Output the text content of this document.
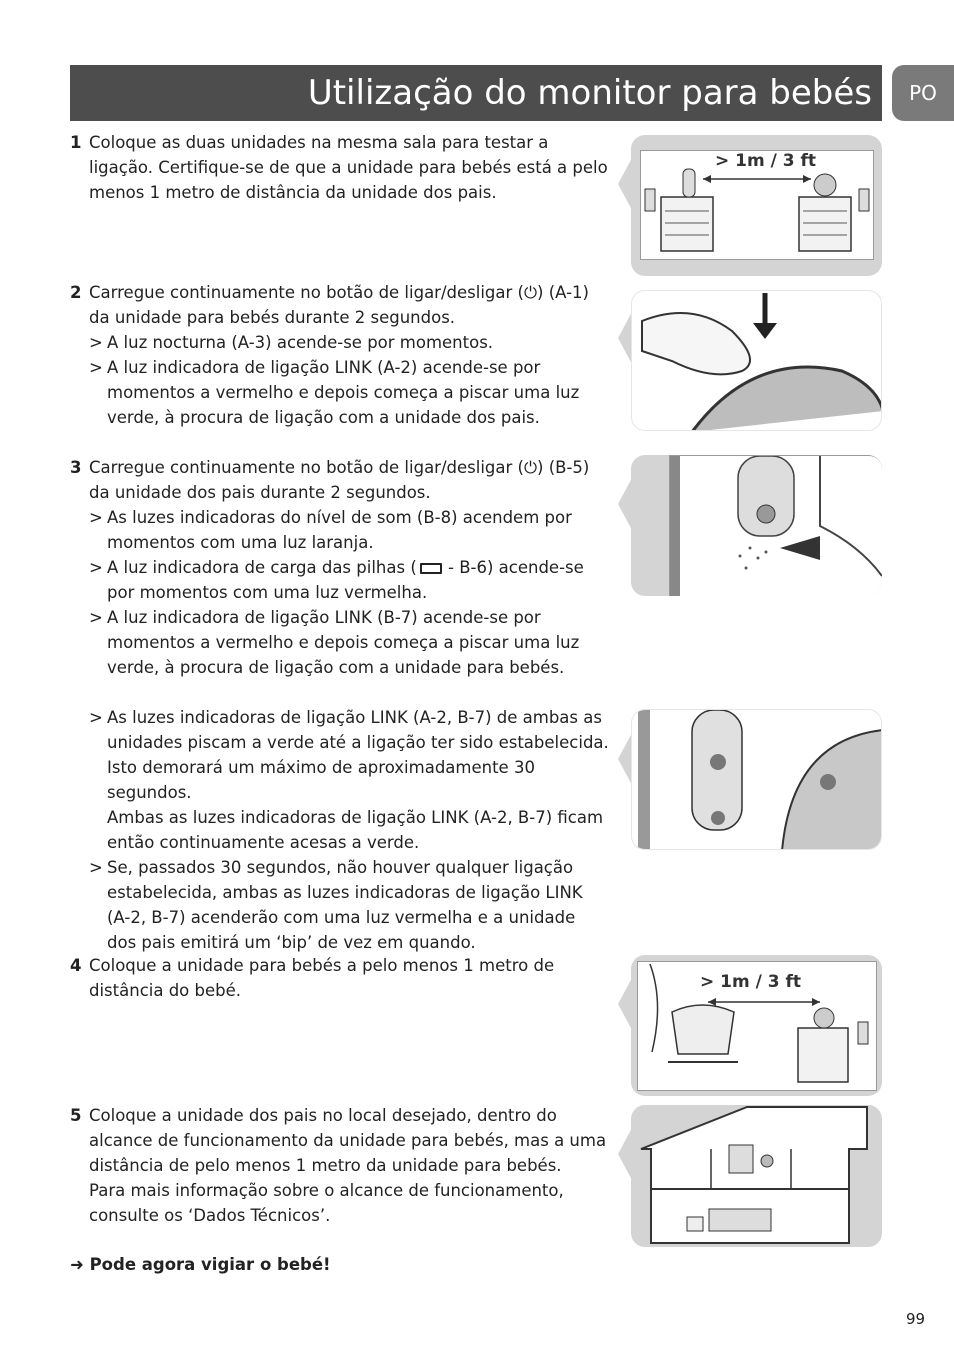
Utilização do monitor para bebés	PO
1 Coloque as duas unidades na mesma sala para testar a
ligação. Certifique-se de que a unidade para bebés está a pelo
menos 1 metro de distância da unidade dos pais.
2 Carregue continuamente no botão de ligar/desligar (⏻) (A-1)
da unidade para bebés durante 2 segundos.
> A luz nocturna (A-3) acende-se por momentos.
> A luz indicadora de ligação LINK (A-2) acende-se por
momentos a vermelho e depois começa a piscar uma luz
verde, à procura de ligação com a unidade dos pais.
3 Carregue continuamente no botão de ligar/desligar (⏻) (B-5)
da unidade dos pais durante 2 segundos.
> As luzes indicadoras do nível de som (B-8) acendem por
momentos com uma luz laranja.
> A luz indicadora de carga das pilhas ( - B-6) acende-se
por momentos com uma luz vermelha.
> A luz indicadora de ligação LINK (B-7) acende-se por
momentos a vermelho e depois começa a piscar uma luz
verde, à procura de ligação com a unidade para bebés.
> As luzes indicadoras de ligação LINK (A-2, B-7) de ambas as
unidades piscam a verde até a ligação ter sido estabelecida.
Isto demorará um máximo de aproximadamente 30 segundos.
Ambas as luzes indicadoras de ligação LINK (A-2, B-7) ficam
então continuamente acesas a verde.
> Se, passados 30 segundos, não houver qualquer ligação
estabelecida, ambas as luzes indicadoras de ligação LINK
(A-2, B-7) acenderão com uma luz vermelha e a unidade
dos pais emitirá um ‘bip’ de vez em quando.
4 Coloque a unidade para bebés a pelo menos 1 metro de
distância do bebé.
5 Coloque a unidade dos pais no local desejado, dentro do
alcance de funcionamento da unidade para bebés, mas a uma
distância de pelo menos 1 metro da unidade para bebés.
Para mais informação sobre o alcance de funcionamento,
consulte os ‘Dados Técnicos’.
➜ Pode agora vigiar o bebé!
> 1m / 3 ft
> 1m / 3 ft
99
